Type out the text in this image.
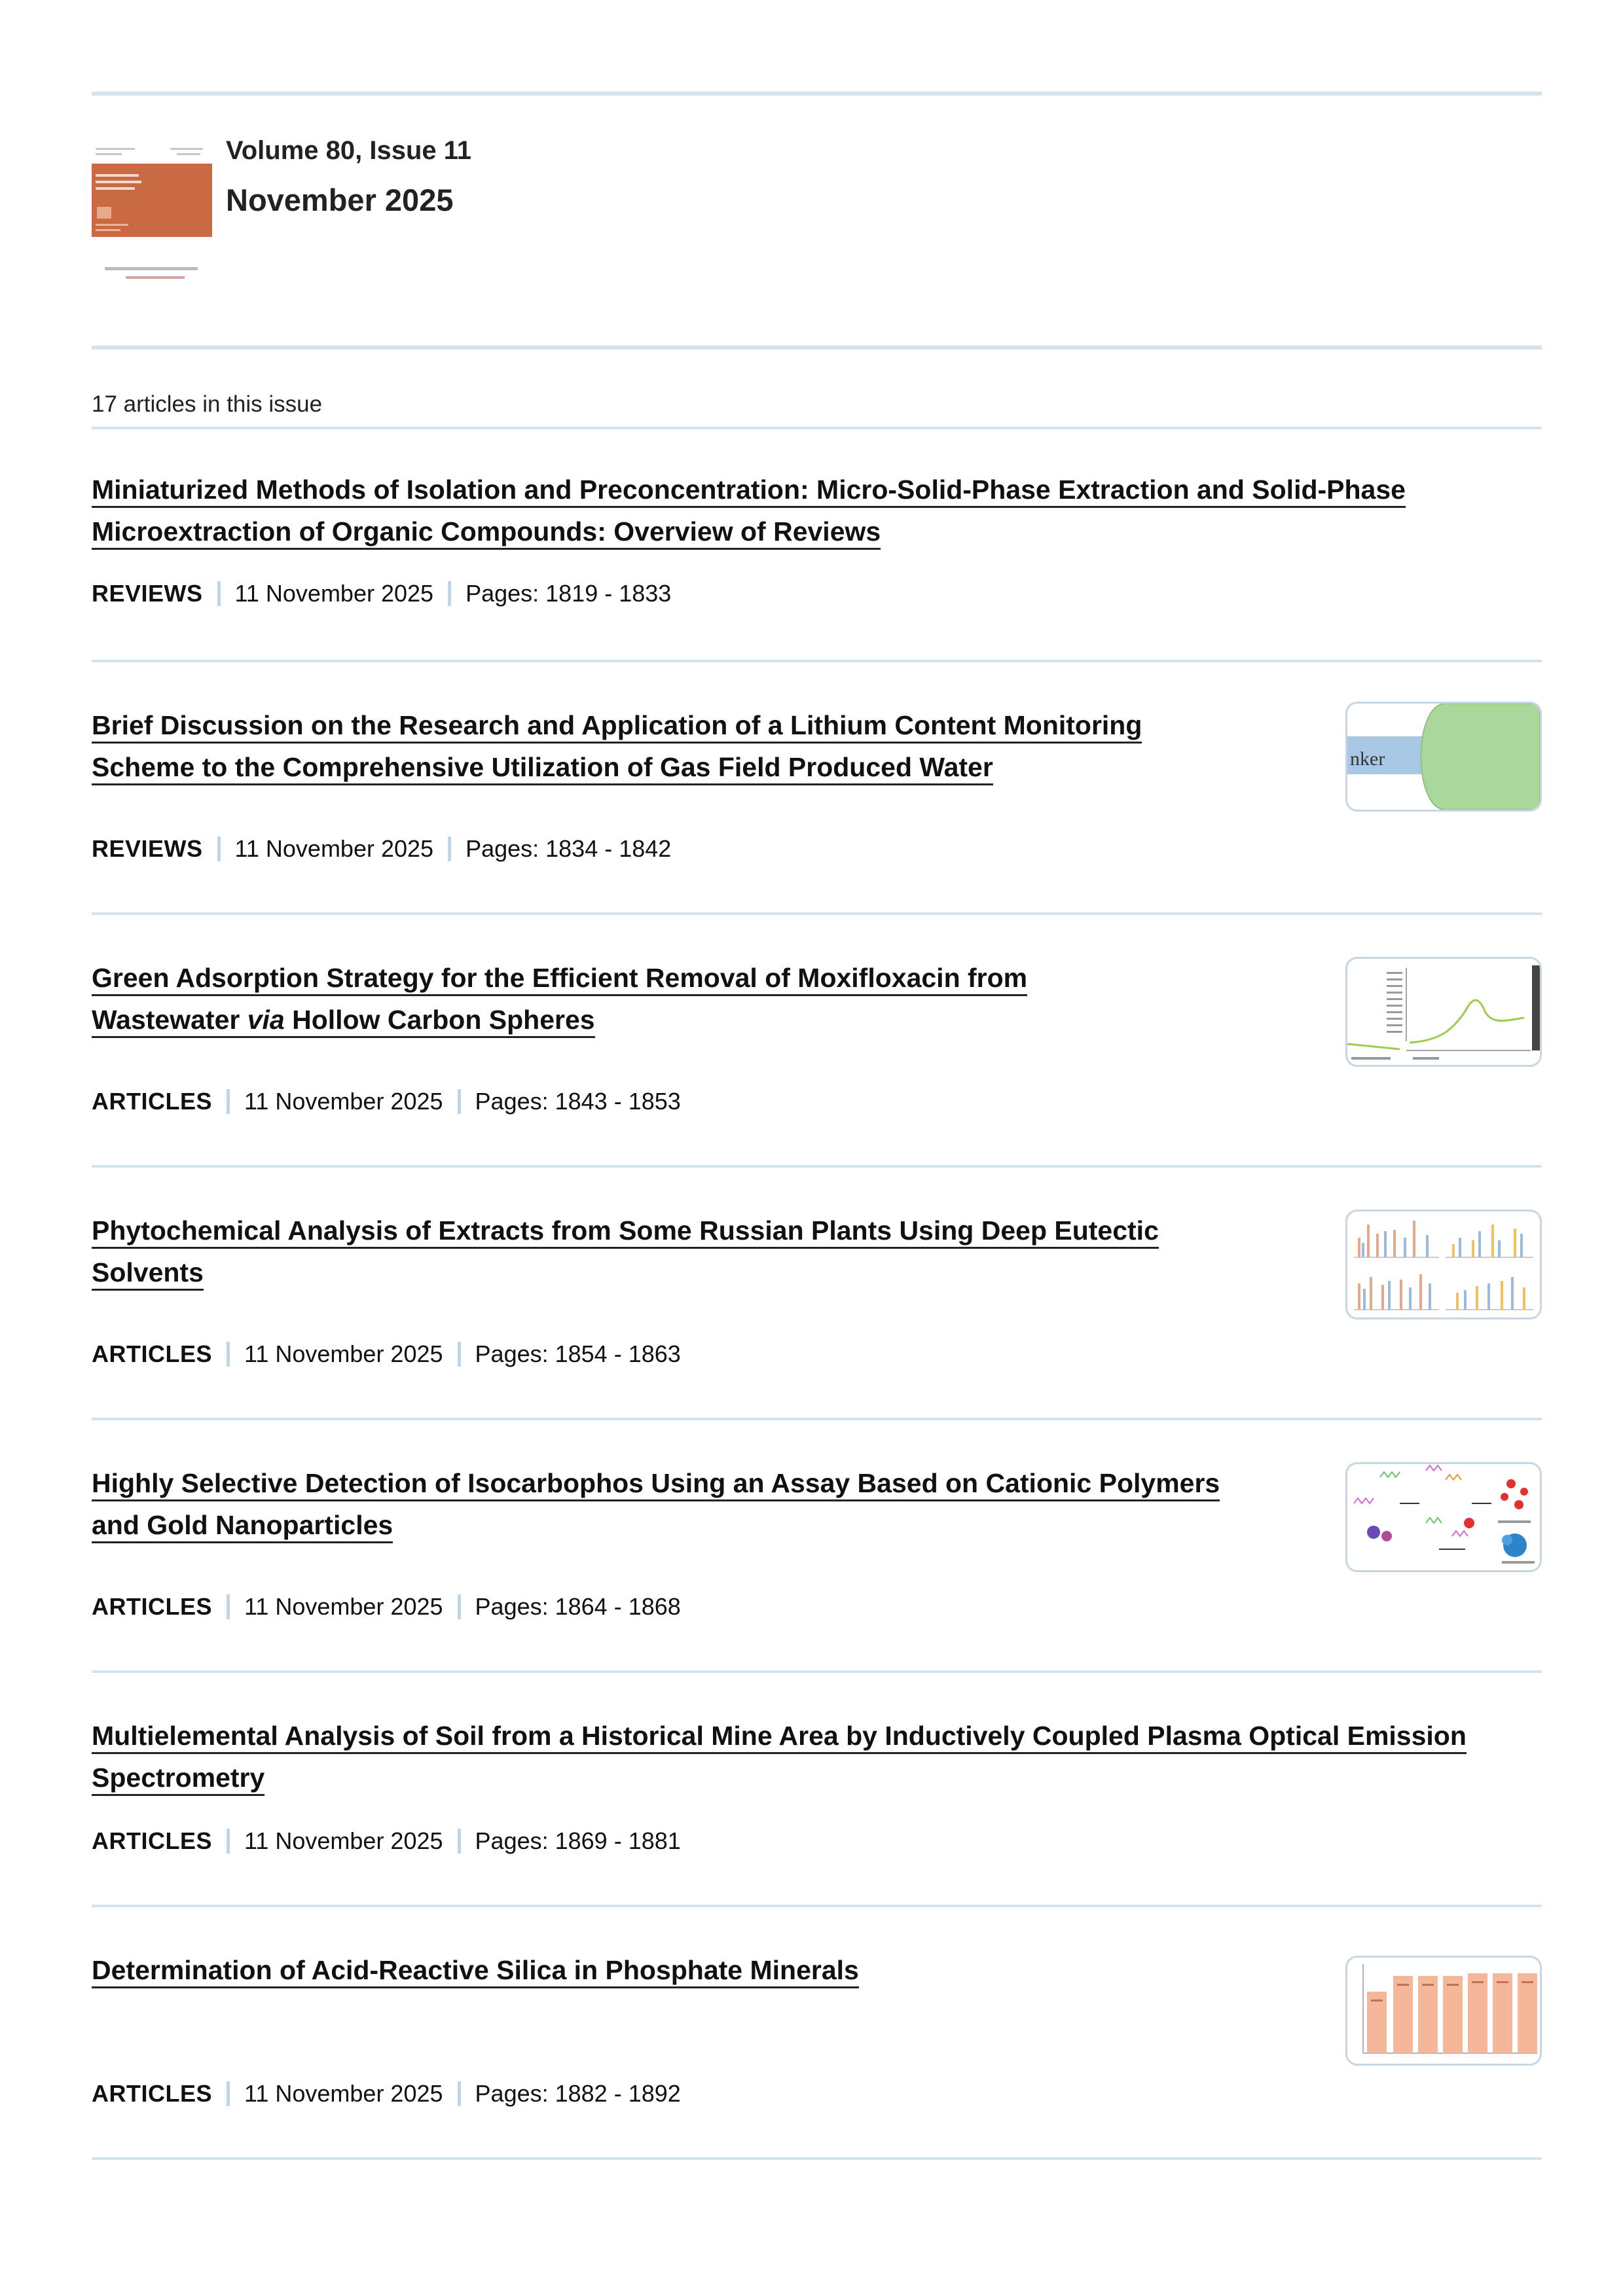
Volume 80, Issue 11
November 2025
17 articles in this issue
Miniaturized Methods of Isolation and Preconcentration: Micro-Solid-Phase Extraction and Solid-Phase
Microextraction of Organic Compounds: Overview of Reviews
REVIEWS 11 November 2025 Pages: 1819 - 1833
Brief Discussion on the Research and Application of a Lithium Content Monitoring
Scheme to the Comprehensive Utilization of Gas Field Produced Water	nker
REVIEWS 11 November 2025 Pages: 1834 - 1842
Green Adsorption Strategy for the Efficient Removal of Moxifloxacin from
Wastewater via Hollow Carbon Spheres
ARTICLES 11 November 2025 Pages: 1843 - 1853
Phytochemical Analysis of Extracts from Some Russian Plants Using Deep Eutectic
Solvents
ARTICLES 11 November 2025 Pages: 1854 - 1863
Highly Selective Detection of Isocarbophos Using an Assay Based on Cationic Polymers
and Gold Nanoparticles
ARTICLES 11 November 2025 Pages: 1864 - 1868
Multielemental Analysis of Soil from a Historical Mine Area by Inductively Coupled Plasma Optical Emission
Spectrometry
ARTICLES 11 November 2025 Pages: 1869 - 1881
Determination of Acid-Reactive Silica in Phosphate Minerals
ARTICLES 11 November 2025 Pages: 1882 - 1892
